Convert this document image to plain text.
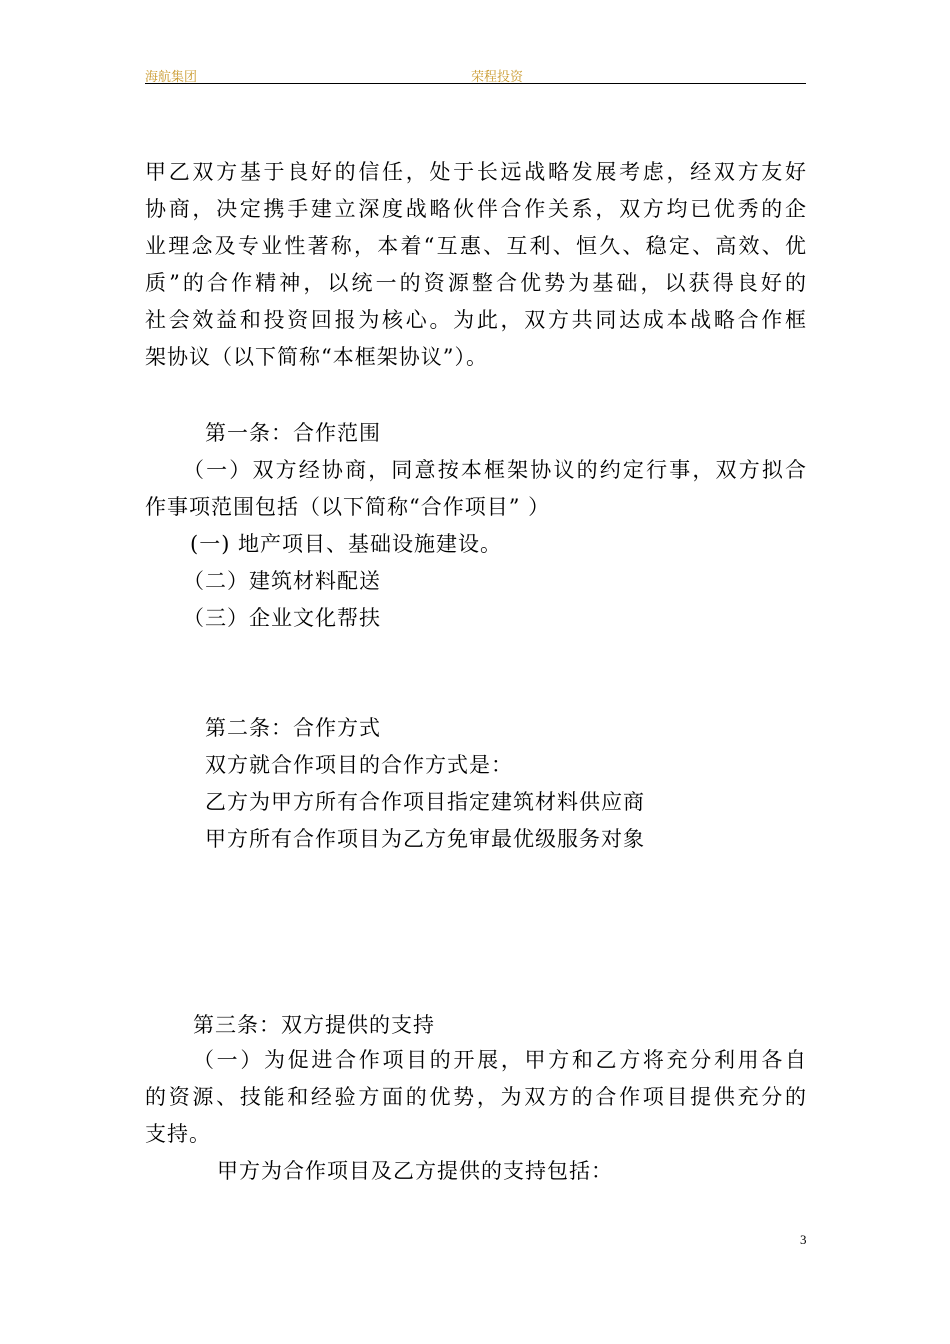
海航集团	荣程投资
甲乙双方基于良好的信任，处于长远战略发展考虑，经双方友好
协商，决定携手建立深度战略伙伴合作关系，双方均已优秀的企
业理念及专业性著称，本着“互惠、互利、恒久、稳定、高效、优
质”的合作精神，以统一的资源整合优势为基础，以获得良好的
社会效益和投资回报为核心。为此，双方共同达成本战略合作框
架协议（以下简称“本框架协议”）。
第一条：合作范围
（一）双方经协商，同意按本框架协议的约定行事，双方拟合
作事项范围包括（以下简称“合作项目” ）
(一) 地产项目、基础设施建设。
（二）建筑材料配送
（三）企业文化帮扶
第二条：合作方式
双方就合作项目的合作方式是：
乙方为甲方所有合作项目指定建筑材料供应商
甲方所有合作项目为乙方免审最优级服务对象
第三条：双方提供的支持
（一）为促进合作项目的开展，甲方和乙方将充分利用各自
的资源、技能和经验方面的优势，为双方的合作项目提供充分的
支持。
甲方为合作项目及乙方提供的支持包括：
3
